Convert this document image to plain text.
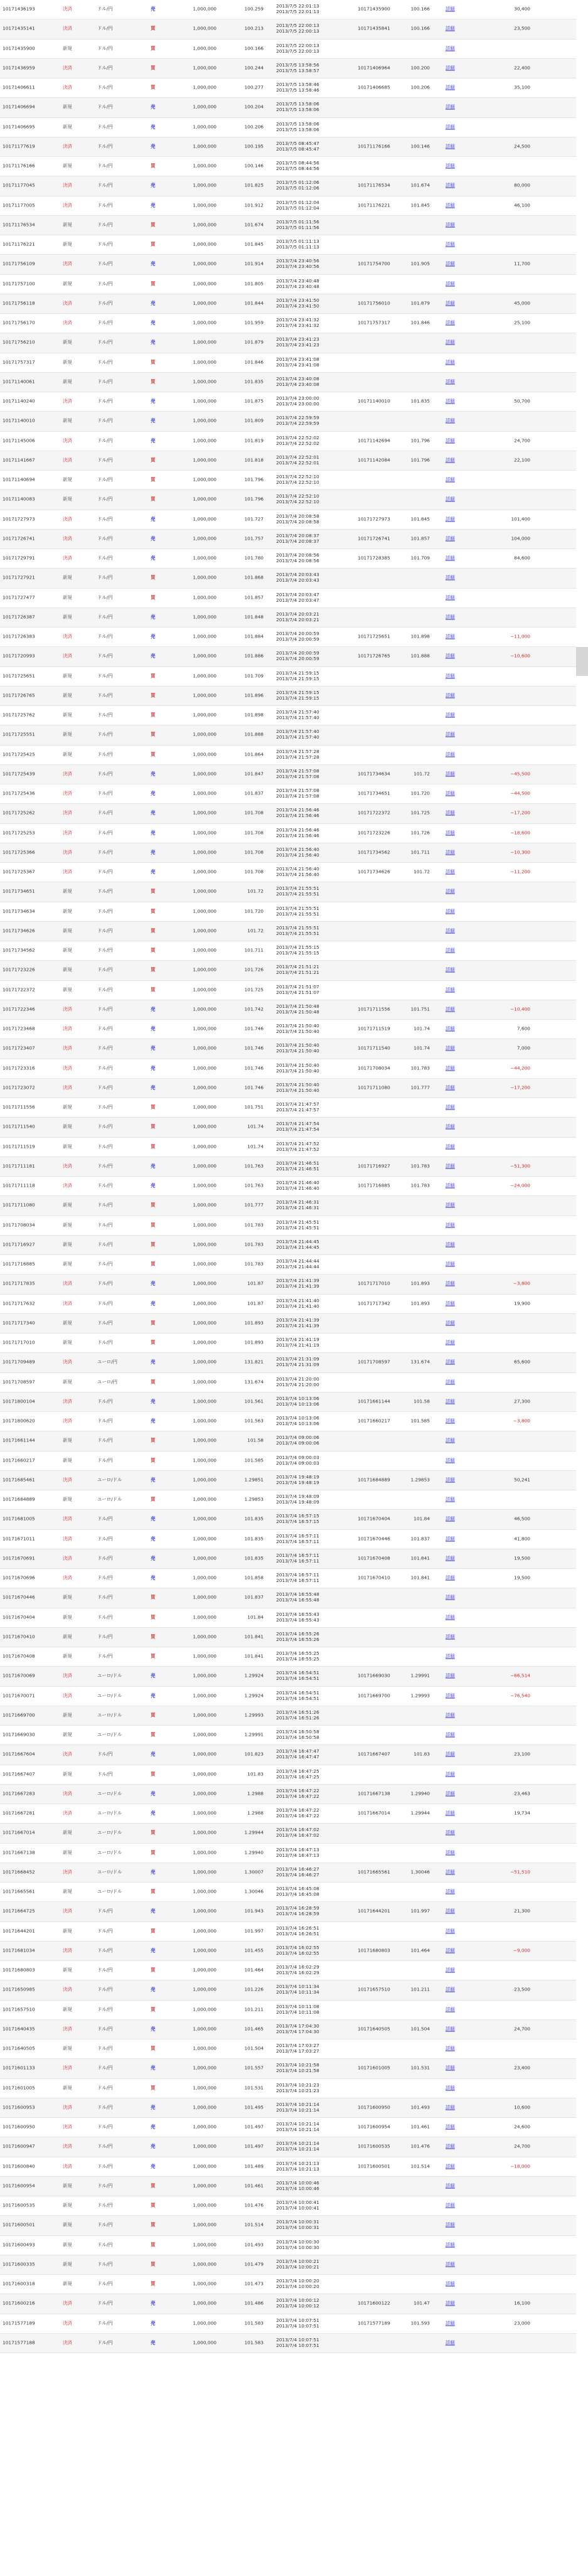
10171436193	決済	ドル/円	売	1,000,000	100.259	2013/7/5 22:01:13
2013/7/5 22:01:13	10171435900	100.166	詳細	30,400
10171435141	決済	ドル/円	買	1,000,000	100.213	2013/7/5 22:00:13
2013/7/5 22:00:13	10171435841	100.166	詳細	23,500
10171435900	新規	ドル/円	買	1,000,000	100.166	2013/7/5 22:00:13
2013/7/5 22:00:13	詳細
10171436959	決済	ドル/円	買	1,000,000	100.244	2013/7/5 13:58:56
2013/7/5 13:58:57	10171406964	100.200	詳細	22,400
10171406611	決済	ドル/円	買	1,000,000	100.277	2013/7/5 13:58:46
2013/7/5 13:58:46	10171406685	100.206	詳細	35,100
10171406694	新規	ドル/円	売	1,000,000	100.204	2013/7/5 13:58:06
2013/7/5 13:58:06	詳細
10171406695	新規	ドル/円	売	1,000,000	100.206	2013/7/5 13:58:06
2013/7/5 13:58:06	詳細
10171177619	決済	ドル/円	売	1,000,000	100.195	2013/7/5 08:45:47
2013/7/5 08:45:47	10171176166	100.146	詳細	24,500
10171176166	新規	ドル/円	買	1,000,000	100.146	2013/7/5 08:44:56
2013/7/5 08:44:56	詳細
10171177045	決済	ドル/円	売	1,000,000	101.825	2013/7/5 01:12:06
2013/7/5 01:12:06	10171176534	101.674	詳細	80,000
10171177005	決済	ドル/円	売	1,000,000	101.912	2013/7/5 01:12:04
2013/7/5 01:12:04	10171176221	101.845	詳細	46,100
10171176534	新規	ドル/円	買	1,000,000	101.674	2013/7/5 01:11:56
2013/7/5 01:11:56	詳細
10171176221	新規	ドル/円	買	1,000,000	101.845	2013/7/5 01:11:13
2013/7/5 01:11:13	詳細
10171756109	決済	ドル/円	売	1,000,000	101.914	2013/7/4 23:40:56
2013/7/4 23:40:56	10171754700	101.905	詳細	11,700
10171757100	新規	ドル/円	買	1,000,000	101.805	2013/7/4 23:40:48
2013/7/4 23:40:48	詳細
10171756118	決済	ドル/円	売	1,000,000	101.844	2013/7/4 23:41:50
2013/7/4 23:41:50	10171756010	101.879	詳細	45,000
10171756170	決済	ドル/円	売	1,000,000	101.959	2013/7/4 23:41:32
2013/7/4 23:41:32	10171757317	101.846	詳細	25,100
10171756210	新規	ドル/円	売	1,000,000	101.879	2013/7/4 23:41:23
2013/7/4 23:41:23	詳細
10171757317	新規	ドル/円	買	1,000,000	101.846	2013/7/4 23:41:08
2013/7/4 23:41:08	詳細
10171140061	新規	ドル/円	買	1,000,000	101.835	2013/7/4 23:40:08
2013/7/4 23:40:08	詳細
10171140240	決済	ドル/円	売	1,000,000	101.875	2013/7/4 23:00:00
2013/7/4 23:00:00	10171140010	101.835	詳細	50,700
10171140010	新規	ドル/円	売	1,000,000	101.809	2013/7/4 22:59:59
2013/7/4 22:59:59	詳細
10171145006	決済	ドル/円	売	1,000,000	101.819	2013/7/4 22:52:02
2013/7/4 22:52:02	10171142694	101.796	詳細	24,700
10171141667	決済	ドル/円	買	1,000,000	101.818	2013/7/4 22:52:01
2013/7/4 22:52:01	10171142084	101.796	詳細	22,100
10171140694	新規	ドル/円	買	1,000,000	101.796	2013/7/4 22:52:10
2013/7/4 22:52:10	詳細
10171140083	新規	ドル/円	買	1,000,000	101.796	2013/7/4 22:52:10
2013/7/4 22:52:10	詳細
10171727973	決済	ドル/円	売	1,000,000	101.727	2013/7/4 20:08:58
2013/7/4 20:08:58	10171727973	101.845	詳細	101,400
10171726741	決済	ドル/円	売	1,000,000	101.757	2013/7/4 20:08:37
2013/7/4 20:08:37	10171726741	101.857	詳細	104,000
10171729791	決済	ドル/円	売	1,000,000	101.780	2013/7/4 20:08:56
2013/7/4 20:08:56	10171728385	101.709	詳細	84,600
10171727921	新規	ドル/円	買	1,000,000	101.868	2013/7/4 20:03:43
2013/7/4 20:03:43	詳細
10171727477	新規	ドル/円	買	1,000,000	101.857	2013/7/4 20:03:47
2013/7/4 20:03:47	詳細
10171726387	新規	ドル/円	売	1,000,000	101.848	2013/7/4 20:03:21
2013/7/4 20:03:21	詳細
10171726383	決済	ドル/円	売	1,000,000	101.884	2013/7/4 20:00:59
2013/7/4 20:00:59	10171725651	101.898	詳細	−11,000
10171720993	決済	ドル/円	売	1,000,000	101.886	2013/7/4 20:00:59
2013/7/4 20:00:59	10171726765	101.888	詳細	−10,600
10171725651	新規	ドル/円	買	1,000,000	101.709	2013/7/4 21:59:15
2013/7/4 21:59:15	詳細
10171726765	新規	ドル/円	買	1,000,000	101.896	2013/7/4 21:59:15
2013/7/4 21:59:15	詳細
10171725762	新規	ドル/円	買	1,000,000	101.898	2013/7/4 21:57:40
2013/7/4 21:57:40	詳細
10171725551	新規	ドル/円	買	1,000,000	101.888	2013/7/4 21:57:40
2013/7/4 21:57:40	詳細
10171725425	新規	ドル/円	買	1,000,000	101.864	2013/7/4 21:57:28
2013/7/4 21:57:28	詳細
10171725439	決済	ドル/円	売	1,000,000	101.847	2013/7/4 21:57:08
2013/7/4 21:57:08	10171734634	101.72	詳細	−45,500
10171725436	決済	ドル/円	売	1,000,000	101.837	2013/7/4 21:57:08
2013/7/4 21:57:08	10171734651	101.720	詳細	−44,500
10171725262	決済	ドル/円	売	1,000,000	101.708	2013/7/4 21:56:46
2013/7/4 21:56:46	10171722372	101.725	詳細	−17,200
10171725253	決済	ドル/円	売	1,000,000	101.708	2013/7/4 21:56:46
2013/7/4 21:56:46	10171723226	101.726	詳細	−18,600
10171725366	決済	ドル/円	売	1,000,000	101.708	2013/7/4 21:56:40
2013/7/4 21:56:40	10171734562	101.711	詳細	−10,300
10171725367	決済	ドル/円	売	1,000,000	101.708	2013/7/4 21:56:40
2013/7/4 21:56:40	10171734626	101.72	詳細	−11,200
10171734651	新規	ドル/円	買	1,000,000	101.72	2013/7/4 21:55:51
2013/7/4 21:55:51	詳細
10171734634	新規	ドル/円	買	1,000,000	101.720	2013/7/4 21:55:51
2013/7/4 21:55:51	詳細
10171734626	新規	ドル/円	買	1,000,000	101.72	2013/7/4 21:55:51
2013/7/4 21:55:51	詳細
10171734562	新規	ドル/円	買	1,000,000	101.711	2013/7/4 21:55:15
2013/7/4 21:55:15	詳細
10171723226	新規	ドル/円	買	1,000,000	101.726	2013/7/4 21:51:21
2013/7/4 21:51:21	詳細
10171722372	新規	ドル/円	買	1,000,000	101.725	2013/7/4 21:51:07
2013/7/4 21:51:07	詳細
10171722346	決済	ドル/円	売	1,000,000	101.742	2013/7/4 21:50:48
2013/7/4 21:50:48	10171711556	101.751	詳細	−10,400
10171723468	決済	ドル/円	売	1,000,000	101.746	2013/7/4 21:50:40
2013/7/4 21:50:40	10171711519	101.74	詳細	7,600
10171723407	決済	ドル/円	売	1,000,000	101.746	2013/7/4 21:50:40
2013/7/4 21:50:40	10171711540	101.74	詳細	7,000
10171723316	決済	ドル/円	売	1,000,000	101.746	2013/7/4 21:50:40
2013/7/4 21:50:40	10171708034	101.783	詳細	−44,200
10171723072	決済	ドル/円	売	1,000,000	101.746	2013/7/4 21:50:40
2013/7/4 21:50:40	10171711080	101.777	詳細	−17,200
10171711556	新規	ドル/円	買	1,000,000	101.751	2013/7/4 21:47:57
2013/7/4 21:47:57	詳細
10171711540	新規	ドル/円	買	1,000,000	101.74	2013/7/4 21:47:54
2013/7/4 21:47:54	詳細
10171711519	新規	ドル/円	買	1,000,000	101.74	2013/7/4 21:47:52
2013/7/4 21:47:52	詳細
10171711181	決済	ドル/円	売	1,000,000	101.763	2013/7/4 21:46:51
2013/7/4 21:46:51	10171716927	101.783	詳細	−51,300
10171711118	決済	ドル/円	売	1,000,000	101.763	2013/7/4 21:46:40
2013/7/4 21:46:40	10171716885	101.783	詳細	−24,000
10171711080	新規	ドル/円	買	1,000,000	101.777	2013/7/4 21:46:31
2013/7/4 21:46:31	詳細
10171708034	新規	ドル/円	買	1,000,000	101.783	2013/7/4 21:45:51
2013/7/4 21:45:51	詳細
10171716927	新規	ドル/円	買	1,000,000	101.783	2013/7/4 21:44:45
2013/7/4 21:44:45	詳細
10171716885	新規	ドル/円	買	1,000,000	101.783	2013/7/4 21:44:44
2013/7/4 21:44:44	詳細
10171717835	決済	ドル/円	売	1,000,000	101.87	2013/7/4 21:41:39
2013/7/4 21:41:39	10171717010	101.893	詳細	−3,800
10171717632	決済	ドル/円	売	1,000,000	101.87	2013/7/4 21:41:40
2013/7/4 21:41:40	10171717342	101.893	詳細	19,900
10171717340	新規	ドル/円	買	1,000,000	101.893	2013/7/4 21:41:39
2013/7/4 21:41:39	詳細
10171717010	新規	ドル/円	買	1,000,000	101.893	2013/7/4 21:41:19
2013/7/4 21:41:19	詳細
10171709489	決済	ユーロ/円	売	1,000,000	131.821	2013/7/4 21:31:09
2013/7/4 21:31:09	10171708597	131.674	詳細	65,600
10171708597	新規	ユーロ/円	買	1,000,000	131.674	2013/7/4 21:20:00
2013/7/4 21:20:00	詳細
10171800104	決済	ドル/円	売	1,000,000	101.561	2013/7/4 10:13:06
2013/7/4 10:13:06	10171661144	101.58	詳細	27,300
10171800620	決済	ドル/円	売	1,000,000	101.563	2013/7/4 10:13:06
2013/7/4 10:13:06	10171660217	101.585	詳細	−3,800
10171661144	新規	ドル/円	買	1,000,000	101.58	2013/7/4 09:00:06
2013/7/4 09:00:06	詳細
10171660217	新規	ドル/円	買	1,000,000	101.585	2013/7/4 09:00:03
2013/7/4 09:00:03	詳細
10171685461	決済	ユーロ/ドル	売	1,000,000	1.29851	2013/7/4 19:48:19
2013/7/4 19:48:19	10171684889	1.29853	詳細	50,241
10171684889	新規	ユーロ/ドル	買	1,000,000	1.29853	2013/7/4 19:48:09
2013/7/4 19:48:09	詳細
10171681005	決済	ドル/円	売	1,000,000	101.835	2013/7/4 16:57:15
2013/7/4 16:57:15	10171670404	101.84	詳細	46,500
10171671011	決済	ドル/円	売	1,000,000	101.835	2013/7/4 16:57:11
2013/7/4 16:57:11	10171670446	101.837	詳細	41,800
10171670691	決済	ドル/円	売	1,000,000	101.835	2013/7/4 16:57:11
2013/7/4 16:57:11	10171670408	101.841	詳細	19,500
10171670696	決済	ドル/円	売	1,000,000	101.858	2013/7/4 16:57:11
2013/7/4 16:57:11	10171670410	101.841	詳細	19,500
10171670446	新規	ドル/円	買	1,000,000	101.837	2013/7/4 16:55:48
2013/7/4 16:55:48	詳細
10171670404	新規	ドル/円	買	1,000,000	101.84	2013/7/4 16:55:43
2013/7/4 16:55:43	詳細
10171670410	新規	ドル/円	買	1,000,000	101.841	2013/7/4 16:55:26
2013/7/4 16:55:26	詳細
10171670408	新規	ドル/円	買	1,000,000	101.841	2013/7/4 16:55:25
2013/7/4 16:55:25	詳細
10171670069	決済	ユーロ/ドル	売	1,000,000	1.29924	2013/7/4 16:54:51
2013/7/4 16:54:51	10171669030	1.29991	詳細	−66,514
10171670071	決済	ユーロ/ドル	売	1,000,000	1.29924	2013/7/4 16:54:51
2013/7/4 16:54:51	10171669700	1.29993	詳細	−76,540
10171669700	新規	ユーロ/ドル	買	1,000,000	1.29993	2013/7/4 16:51:26
2013/7/4 16:51:26	詳細
10171669030	新規	ユーロ/ドル	買	1,000,000	1.29991	2013/7/4 16:50:58
2013/7/4 16:50:58	詳細
10171667604	決済	ドル/円	売	1,000,000	101.823	2013/7/4 16:47:47
2013/7/4 16:47:47	10171667407	101.83	詳細	23,100
10171667407	新規	ドル/円	買	1,000,000	101.83	2013/7/4 16:47:25
2013/7/4 16:47:25	詳細
10171667283	決済	ユーロ/ドル	売	1,000,000	1.2988	2013/7/4 16:47:22
2013/7/4 16:47:22	10171667138	1.29940	詳細	23,463
10171667281	決済	ユーロ/ドル	売	1,000,000	1.2988	2013/7/4 16:47:22
2013/7/4 16:47:22	10171667014	1.29944	詳細	19,734
10171667014	新規	ユーロ/ドル	買	1,000,000	1.29944	2013/7/4 16:47:02
2013/7/4 16:47:02	詳細
10171667138	新規	ユーロ/ドル	買	1,000,000	1.29940	2013/7/4 16:47:13
2013/7/4 16:47:13	詳細
10171668452	決済	ユーロ/ドル	売	1,000,000	1.30007	2013/7/4 16:46:27
2013/7/4 16:46:27	10171665561	1.30046	詳細	−51,510
10171665561	新規	ユーロ/ドル	買	1,000,000	1.30046	2013/7/4 16:45:08
2013/7/4 16:45:08	詳細
10171664725	決済	ドル/円	売	1,000,000	101.943	2013/7/4 16:28:59
2013/7/4 16:28:59	10171644201	101.997	詳細	21,300
10171644201	新規	ドル/円	買	1,000,000	101.997	2013/7/4 16:26:51
2013/7/4 16:26:51	詳細
10171681034	決済	ドル/円	売	1,000,000	101.455	2013/7/4 16:02:55
2013/7/4 16:02:55	10171680803	101.464	詳細	−9,000
10171680803	新規	ドル/円	買	1,000,000	101.464	2013/7/4 16:02:29
2013/7/4 16:02:29	詳細
10171650985	決済	ドル/円	売	1,000,000	101.226	2013/7/4 10:11:34
2013/7/4 10:11:34	10171657510	101.211	詳細	23,500
10171657510	新規	ドル/円	買	1,000,000	101.211	2013/7/4 10:11:08
2013/7/4 10:11:08	詳細
10171640435	決済	ドル/円	売	1,000,000	101.465	2013/7/4 17:04:30
2013/7/4 17:04:30	10171640505	101.504	詳細	24,700
10171640505	新規	ドル/円	買	1,000,000	101.504	2013/7/4 17:03:27
2013/7/4 17:03:27	詳細
10171601133	決済	ドル/円	売	1,000,000	101.557	2013/7/4 10:21:58
2013/7/4 10:21:58	10171601005	101.531	詳細	23,400
10171601005	新規	ドル/円	買	1,000,000	101.531	2013/7/4 10:21:23
2013/7/4 10:21:23	詳細
10171600953	決済	ドル/円	売	1,000,000	101.495	2013/7/4 10:21:14
2013/7/4 10:21:14	10171600950	101.493	詳細	10,600
10171600950	決済	ドル/円	売	1,000,000	101.497	2013/7/4 10:21:14
2013/7/4 10:21:14	10171600954	101.461	詳細	24,600
10171600947	決済	ドル/円	売	1,000,000	101.497	2013/7/4 10:21:14
2013/7/4 10:21:14	10171600535	101.476	詳細	24,700
10171600840	決済	ドル/円	売	1,000,000	101.489	2013/7/4 10:21:13
2013/7/4 10:21:13	10171600501	101.514	詳細	−18,000
10171600954	新規	ドル/円	買	1,000,000	101.461	2013/7/4 10:00:46
2013/7/4 10:00:46	詳細
10171600535	新規	ドル/円	買	1,000,000	101.476	2013/7/4 10:00:41
2013/7/4 10:00:41	詳細
10171600501	新規	ドル/円	買	1,000,000	101.514	2013/7/4 10:00:31
2013/7/4 10:00:31	詳細
10171600493	新規	ドル/円	買	1,000,000	101.493	2013/7/4 10:00:30
2013/7/4 10:00:30	詳細
10171600335	新規	ドル/円	買	1,000,000	101.479	2013/7/4 10:00:21
2013/7/4 10:00:21	詳細
10171600318	新規	ドル/円	買	1,000,000	101.473	2013/7/4 10:00:20
2013/7/4 10:00:20	詳細
10171600216	決済	ドル/円	売	1,000,000	101.486	2013/7/4 10:00:12
2013/7/4 10:00:12	10171600122	101.47	詳細	16,100
10171577189	決済	ドル/円	売	1,000,000	101.583	2013/7/4 10:07:51
2013/7/4 10:07:51	10171577189	101.593	詳細	23,000
10171577188	決済	ドル/円	売	1,000,000	101.583	2013/7/4 10:07:51
2013/7/4 10:07:51	詳細
